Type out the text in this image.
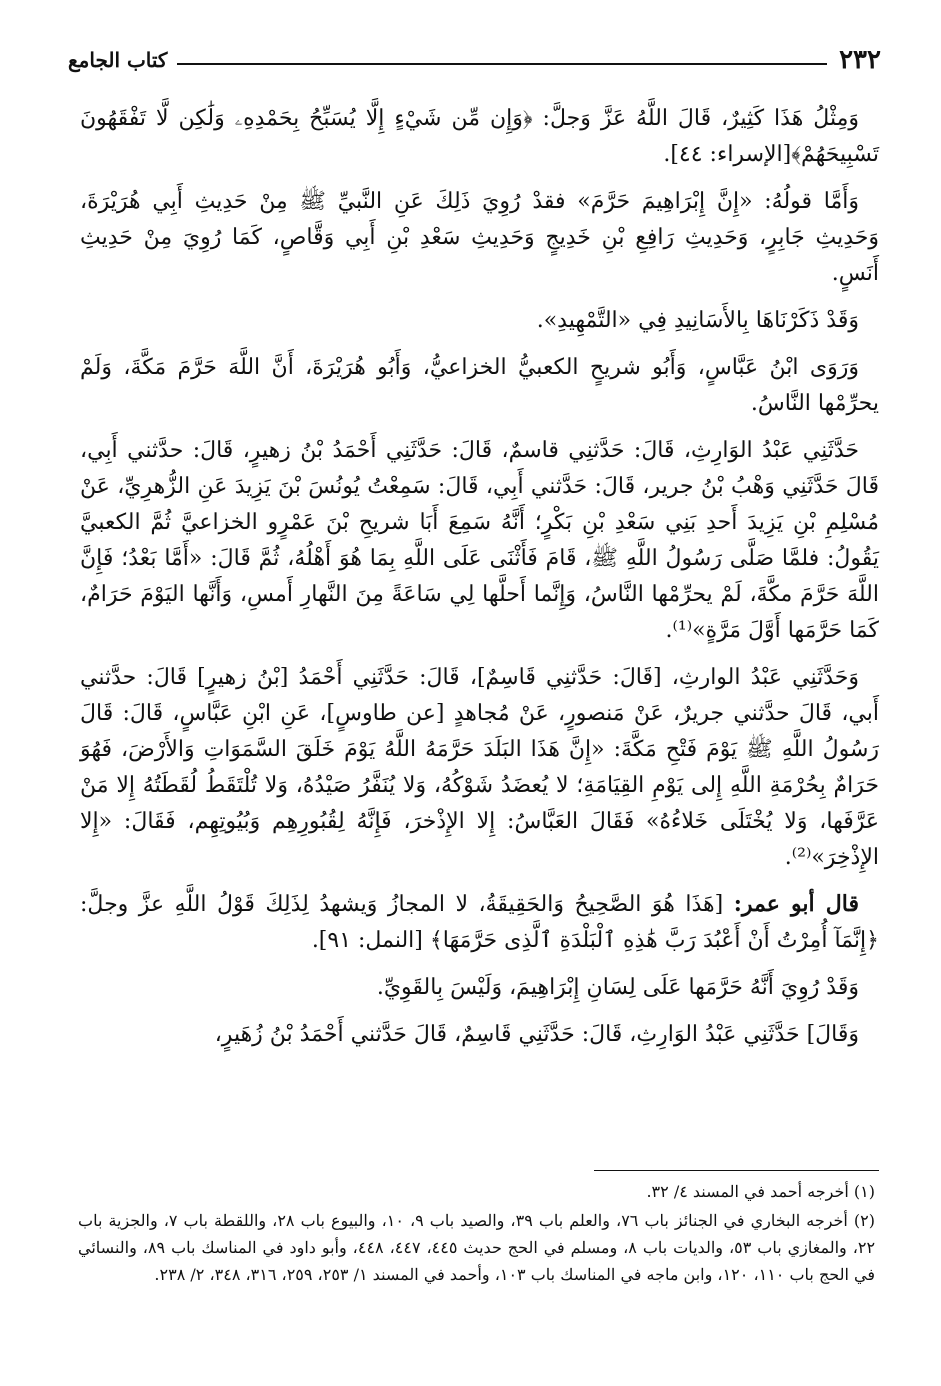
٢٣٢
كتاب الجامع

وَمِثْلُ هَذَا كَثِيرٌ، قَالَ اللَّهُ عَزَّ وَجلَّ: ﴿وَإِن مِّن شَيْءٍ إِلَّا يُسَبِّحُ بِحَمْدِهِۦ وَلَٰكِن لَّا تَفْقَهُونَ تَسْبِيحَهُمْ﴾[الإسراء: ٤٤].

وَأَمَّا قولُهُ: «إِنَّ إِبْرَاهِيمَ حَرَّمَ» فقدْ رُوِيَ ذَلِكَ عَنِ النَّبيِّ ﷺ مِنْ حَدِيثِ أَبِي هُرَيْرَةَ، وَحَدِيثِ جَابِرٍ، وَحَدِيثِ رَافِعِ بْنِ خَدِيجٍ وَحَدِيثِ سَعْدِ بْنِ أَبِي وَقَّاصٍ، كَمَا رُوِيَ مِنْ حَدِيثِ أَنَسٍ.

وَقَدْ ذَكَرْنَاهَا بِالأَسَانِيدِ فِي «التَّمْهِيدِ».

وَرَوَى ابْنُ عَبَّاسٍ، وَأَبُو شريحٍ الكعبيُّ الخزاعيُّ، وَأَبُو هُرَيْرَةَ، أَنَّ اللَّهَ حَرَّمَ مَكَّةَ، وَلَمْ يحرِّمْها النَّاسُ.

حَدَّثَنِي عَبْدُ الوَارِثِ، قَالَ: حَدَّثنِي قاسمٌ، قَالَ: حَدَّثَنِي أَحْمَدُ بْنُ زهيرٍ، قَالَ: حدَّثني أَبِي، قَالَ حَدَّثَنِي وَهْبُ بْنُ جرير، قَالَ: حَدَّثني أَبِي، قَالَ: سَمِعْتُ يُونُسَ بْنَ يَزِيدَ عَنِ الزُّهرِيِّ، عَنْ مُسْلِمِ بْنِ يَزِيدَ أَحدِ بَنِي سَعْدِ بْنِ بَكْرٍ؛ أَنَّهُ سَمِعَ أَبَا شريحِ بْنَ عَمْرٍو الخزاعيَّ ثُمَّ الكعبيَّ يَقُولُ: فلمَّا صَلَّى رَسُولُ اللَّهِ ﷺ، قَامَ فَأَثْنَى عَلَى اللَّهِ بِمَا هُوَ أَهْلُهُ، ثُمَّ قَالَ: «أَمَّا بَعْدُ؛ فَإِنَّ اللَّهَ حَرَّمَ مكَّةَ، لَمْ يحرِّمْها النَّاسُ، وَإِنَّما أَحلَّها لِي سَاعَةً مِنَ النَّهارِ أَمسِ، وَأَنَّها اليَوْمَ حَرَامٌ، كَمَا حَرَّمَها أَوَّلَ مَرَّةٍ»⁽¹⁾.

وَحَدَّثَنِي عَبْدُ الوارثِ، [قَالَ: حَدَّثنِي قَاسِمٌ]، قَالَ: حَدَّثَنِي أَحْمَدُ [بْنُ زهيرٍ] قَالَ: حدَّثني أَبي، قَالَ حدَّثني جريرٌ، عَنْ مَنصورٍ، عَنْ مُجاهدٍ [عن طاوسٍ]، عَنِ ابْنِ عَبَّاسٍ، قَالَ: قَالَ رَسُولُ اللَّهِ ﷺ يَوْمَ فَتْحِ مَكَّةَ: «إِنَّ هَذَا البَلَدَ حَرَّمَهُ اللَّهُ يَوْمَ خَلَقَ السَّمَوَاتِ وَالأَرْضَ، فَهُوَ حَرَامٌ بِحُرْمَةِ اللَّهِ إِلى يَوْمِ القِيَامَةِ؛ لا يُعضَدُ شَوْكُهُ، وَلا يُنَفَّرُ صَيْدُهُ، وَلا تُلْتَقَطُ لُقَطَتُهُ إِلا مَنْ عَرَّفَها، وَلا يُخْتَلَى خَلاءُهُ» فَقَالَ العَبَّاسُ: إِلا الإِذْخرَ، فَإِنَّهُ لِقُبُورِهِم وَبُيُوتِهِم، فَقَالَ: «إِلا الإِذْخِرَ»⁽²⁾.

قال أبو عمر: [هَذَا هُوَ الصَّحِيحُ وَالحَقِيقَةُ، لا المجازُ وَيشهدُ لِذَلِكَ قَوْلُ اللَّهِ عزَّ وجلَّ: ﴿إِنَّمَآ أُمِرْتُ أَنْ أَعْبُدَ رَبَّ هَٰذِهِ ٱلْبَلْدَةِ ٱلَّذِى حَرَّمَهَا﴾ [النمل: ٩١].

وَقَدْ رُوِيَ أَنَّهُ حَرَّمَها عَلَى لِسَانِ إِبْرَاهِيمَ، وَلَيْسَ بِالقَوِيِّ.

وَقَالَ] حَدَّثَنِي عَبْدُ الوَارِثِ، قَالَ: حَدَّثَنِي قَاسِمٌ، قَالَ حَدَّثني أَحْمَدُ بْنُ زُهَيرٍ،

(١) أخرجه أحمد في المسند ٤/ ٣٢.

(٢) أخرجه البخاري في الجنائز باب ٧٦، والعلم باب ٣٩، والصيد باب ٩، ١٠، والبيوع باب ٢٨، واللقطة باب ٧، والجزية باب ٢٢، والمغازي باب ٥٣، والديات باب ٨، ومسلم في الحج حديث ٤٤٥، ٤٤٧، ٤٤٨، وأبو داود في المناسك باب ٨٩، والنسائي في الحج باب ١١٠، ١٢٠، وابن ماجه في المناسك باب ١٠٣، وأحمد في المسند ١/ ٢٥٣، ٢٥٩، ٣١٦، ٣٤٨، ٢/ ٢٣٨.
